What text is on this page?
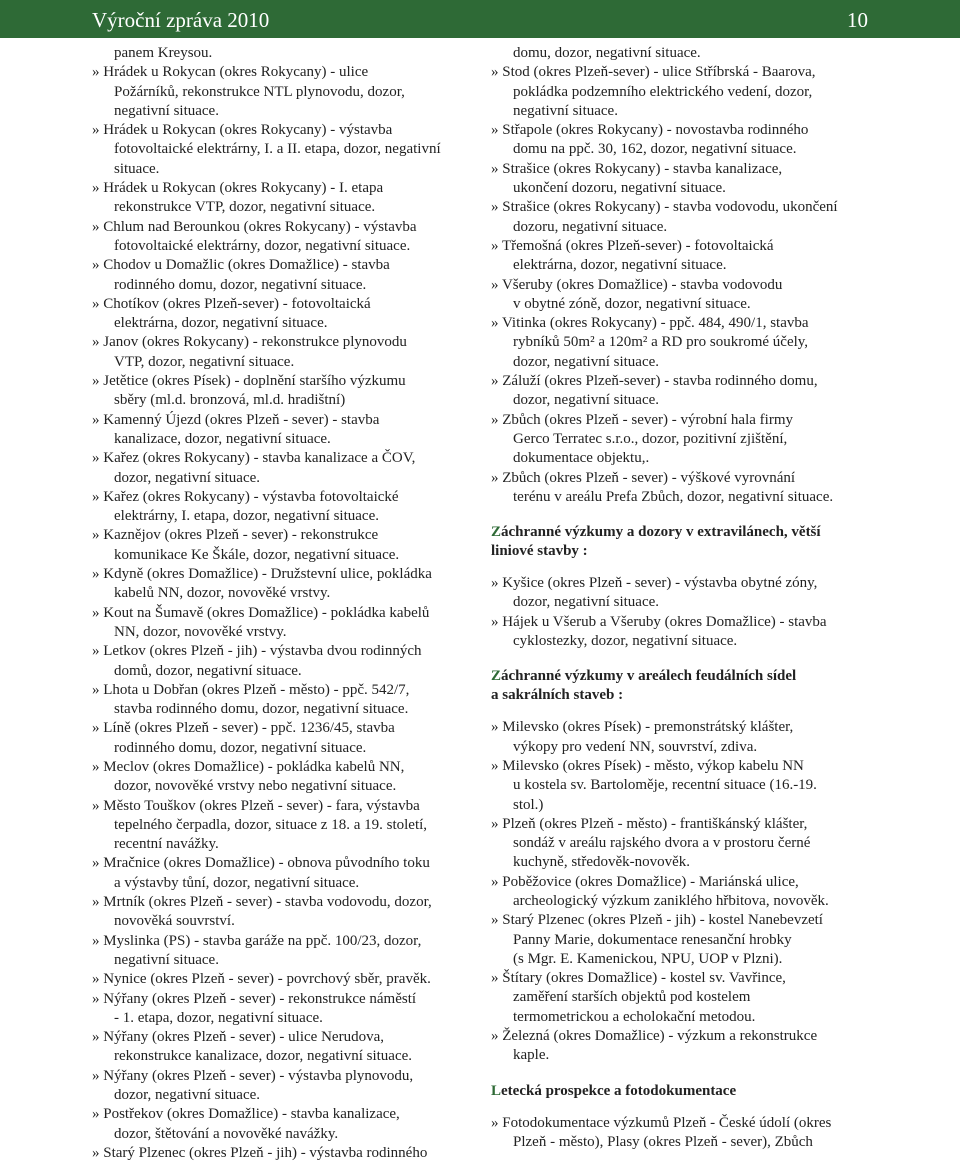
Výroční zpráva 2010	10
panem Kreysou.
» Hrádek u Rokycan (okres Rokycany) - ulice
Požárníků, rekonstrukce NTL plynovodu, dozor,
negativní situace.
» Hrádek u Rokycan (okres Rokycany) - výstavba
fotovoltaické elektrárny, I. a II. etapa, dozor, negativní
situace.
» Hrádek u Rokycan (okres Rokycany) - I. etapa
rekonstrukce VTP, dozor, negativní situace.
» Chlum nad Berounkou (okres Rokycany) - výstavba
fotovoltaické elektrárny, dozor, negativní situace.
» Chodov u Domažlic (okres Domažlice) - stavba
rodinného domu, dozor, negativní situace.
» Chotíkov (okres Plzeň-sever) - fotovoltaická
elektrárna, dozor, negativní situace.
» Janov (okres Rokycany) - rekonstrukce plynovodu
VTP, dozor, negativní situace.
» Jetětice (okres Písek) - doplnění staršího výzkumu
sběry (ml.d. bronzová, ml.d. hradištní)
» Kamenný Újezd (okres Plzeň - sever) - stavba
kanalizace, dozor, negativní situace.
» Kařez (okres Rokycany) - stavba kanalizace a ČOV,
dozor, negativní situace.
» Kařez (okres Rokycany) - výstavba fotovoltaické
elektrárny, I. etapa, dozor, negativní situace.
» Kaznějov (okres Plzeň - sever) - rekonstrukce
komunikace Ke Škále, dozor, negativní situace.
» Kdyně (okres Domažlice) - Družstevní ulice, pokládka
kabelů NN, dozor, novověké vrstvy.
» Kout na Šumavě (okres Domažlice) - pokládka kabelů
NN, dozor, novověké vrstvy.
» Letkov (okres Plzeň - jih) - výstavba dvou rodinných
domů, dozor, negativní situace.
» Lhota u Dobřan (okres Plzeň - město) - ppč. 542/7,
stavba rodinného domu, dozor, negativní situace.
» Líně (okres Plzeň - sever) - ppč. 1236/45, stavba
rodinného domu, dozor, negativní situace.
» Meclov (okres Domažlice) - pokládka kabelů NN,
dozor, novověké vrstvy nebo negativní situace.
» Město Touškov (okres Plzeň - sever) - fara, výstavba
tepelného čerpadla, dozor, situace z 18. a 19. století,
recentní navážky.
» Mračnice (okres Domažlice) - obnova původního toku
a výstavby tůní, dozor, negativní situace.
» Mrtník (okres Plzeň - sever) - stavba vodovodu, dozor,
novověká souvrství.
» Myslinka (PS) - stavba garáže na ppč. 100/23, dozor,
negativní situace.
» Nynice (okres Plzeň - sever) - povrchový sběr, pravěk.
» Nýřany (okres Plzeň - sever) - rekonstrukce náměstí
- 1. etapa, dozor, negativní situace.
» Nýřany (okres Plzeň - sever) - ulice Nerudova,
rekonstrukce kanalizace, dozor, negativní situace.
» Nýřany (okres Plzeň - sever) - výstavba plynovodu,
dozor, negativní situace.
» Postřekov (okres Domažlice) - stavba kanalizace,
dozor, štětování a novověké navážky.
» Starý Plzenec (okres Plzeň - jih) - výstavba rodinného
domu, dozor, negativní situace.
» Stod (okres Plzeň-sever) - ulice Stříbrská - Baarova,
pokládka podzemního elektrického vedení, dozor,
negativní situace.
» Střapole (okres Rokycany) - novostavba rodinného
domu na ppč. 30, 162, dozor, negativní situace.
» Strašice (okres Rokycany) - stavba kanalizace,
ukončení dozoru, negativní situace.
» Strašice (okres Rokycany) - stavba vodovodu, ukončení
dozoru, negativní situace.
» Třemošná (okres Plzeň-sever) - fotovoltaická
elektrárna, dozor, negativní situace.
» Všeruby (okres Domažlice) - stavba vodovodu
v obytné zóně, dozor, negativní situace.
» Vitinka (okres Rokycany) - ppč. 484, 490/1, stavba
rybníků 50m² a 120m² a RD pro soukromé účely,
dozor, negativní situace.
» Záluží (okres Plzeň-sever) - stavba rodinného domu,
dozor, negativní situace.
» Zbůch (okres Plzeň - sever) - výrobní hala firmy
Gerco Terratec s.r.o., dozor, pozitivní zjištění,
dokumentace objektu,.
» Zbůch (okres Plzeň - sever) - výškové vyrovnání
terénu v areálu Prefa Zbůch, dozor, negativní situace.
Záchranné výzkumy a dozory v extravilánech, větší
liniové stavby :
» Kyšice (okres Plzeň - sever) - výstavba obytné zóny,
dozor, negativní situace.
» Hájek u Všerub a Všeruby (okres Domažlice) - stavba
cyklostezky, dozor, negativní situace.
Záchranné výzkumy v areálech feudálních sídel
a sakrálních staveb :
» Milevsko (okres Písek) - premonstrátský klášter,
výkopy pro vedení NN, souvrství, zdiva.
» Milevsko (okres Písek) - město, výkop kabelu NN
u kostela sv. Bartoloměje, recentní situace (16.-19.
stol.)
» Plzeň (okres Plzeň - město) - františkánský klášter,
sondáž v areálu rajského dvora a v prostoru černé
kuchyně, středověk-novověk.
» Poběžovice (okres Domažlice) - Mariánská ulice,
archeologický výzkum zaniklého hřbitova, novověk.
» Starý Plzenec (okres Plzeň - jih) - kostel Nanebevzetí
Panny Marie, dokumentace renesanční hrobky
(s Mgr. E. Kamenickou, NPU, UOP v Plzni).
» Štítary (okres Domažlice) - kostel sv. Vavřince,
zaměření starších objektů pod kostelem
termometrickou a echolokační metodou.
» Železná (okres Domažlice) - výzkum a rekonstrukce
kaple.
Letecká prospekce a fotodokumentace
» Fotodokumentace výzkumů Plzeň - České údolí (okres
Plzeň - město), Plasy (okres Plzeň - sever), Zbůch
